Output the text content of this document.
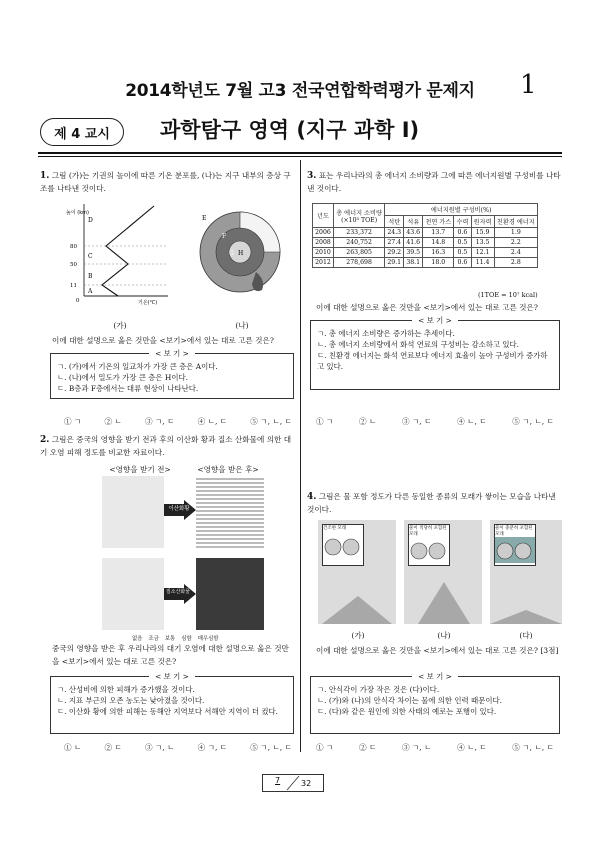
2014학년도 7월 고3 전국연합학력평가 문제지	1
제 4 교시	과학탐구 영역 (지구 과학 Ⅰ)
1. 그림 (가)는 기권의 높이에 따른 기온 분포를, (나)는 지구 내부의 층상 구조를 나타낸 것이다.
높이 (km)
D
C
B
A
80
50
11
0	기온(℃)
E
F
G H
(가)	(나)
이에 대한 설명으로 옳은 것만을 <보기>에서 있는 대로 고른 것은?
< 보 기 >
ㄱ. (가)에서 기온의 일교차가 가장 큰 층은 A이다.
ㄴ. (나)에서 밀도가 가장 큰 층은 H이다.
ㄷ. B층과 F층에서는 대류 현상이 나타난다.
① ㄱ	② ㄴ	③ ㄱ, ㄷ	④ ㄴ, ㄷ	⑤ ㄱ, ㄴ, ㄷ
2. 그림은 중국의 영향을 받기 전과 후의 이산화 황과 질소 산화물에 의한 대기 오염 피해 정도를 비교한 자료이다.
<영향을 받기 전>	<영향을 받은 후>
이산화황
질소산화물
없음 조금 보통 심함 매우심함
중국의 영향을 받은 후 우리나라의 대기 오염에 대한 설명으로 옳은 것만을 <보기>에서 있는 대로 고른 것은?
< 보 기 >
ㄱ. 산성비에 의한 피해가 증가했을 것이다.
ㄴ. 지표 부근의 오존 농도는 낮아졌을 것이다.
ㄷ. 이산화 황에 의한 피해는 동해안 지역보다 서해안 지역이 더 컸다.
① ㄴ	② ㄷ	③ ㄱ, ㄴ	④ ㄱ, ㄷ	⑤ ㄱ, ㄴ, ㄷ
3. 표는 우리나라의 총 에너지 소비량과 그에 따른 에너지원별 구성비를 나타낸 것이다.
년도	총 에너지 소비량
(×10³ TOE)	에너지원별 구성비(%)					
		석탄	석유	천연 가스	수력	원자력	친환경 에너지
2006	233,372	24.3	43.6	13.7	0.6	15.9	1.9
2008	240,752	27.4	41.6	14.8	0.5	13.5	2.2
2010	263,805	29.2	39.5	16.3	0.5	12.1	2.4
2012	278,698	29.1	38.1	18.0	0.6	11.4	2.8
(1TOE = 10⁷ kcal)
이에 대한 설명으로 옳은 것만을 <보기>에서 있는 대로 고른 것은?
< 보 기 >
ㄱ. 총 에너지 소비량은 증가하는 추세이다.
ㄴ. 총 에너지 소비량에서 화석 연료의 구성비는 감소하고 있다.
ㄷ. 친환경 에너지는 화석 연료보다 에너지 효율이 높아 구성비가 증가하고 있다.
① ㄱ	② ㄴ	③ ㄱ, ㄷ	④ ㄴ, ㄷ	⑤ ㄱ, ㄴ, ㄷ
4. 그림은 물 포함 정도가 다른 동일한 종류의 모래가 쌓이는 모습을 나타낸 것이다.
건조한 모래	물이 적당히 포함된 모래
물이 충분히 포함된 모래
(가)	(나)	(다)
이에 대한 설명으로 옳은 것만을 <보기>에서 있는 대로 고른 것은? [3점]
< 보 기 >
ㄱ. 안식각이 가장 작은 것은 (다)이다.
ㄴ. (가)와 (나)의 안식각 차이는 물에 의한 인력 때문이다.
ㄷ. (다)와 같은 원인에 의한 사태의 예로는 포행이 있다.
① ㄱ	② ㄷ	③ ㄱ, ㄴ	④ ㄴ, ㄷ	⑤ ㄱ, ㄴ, ㄷ
7	32
